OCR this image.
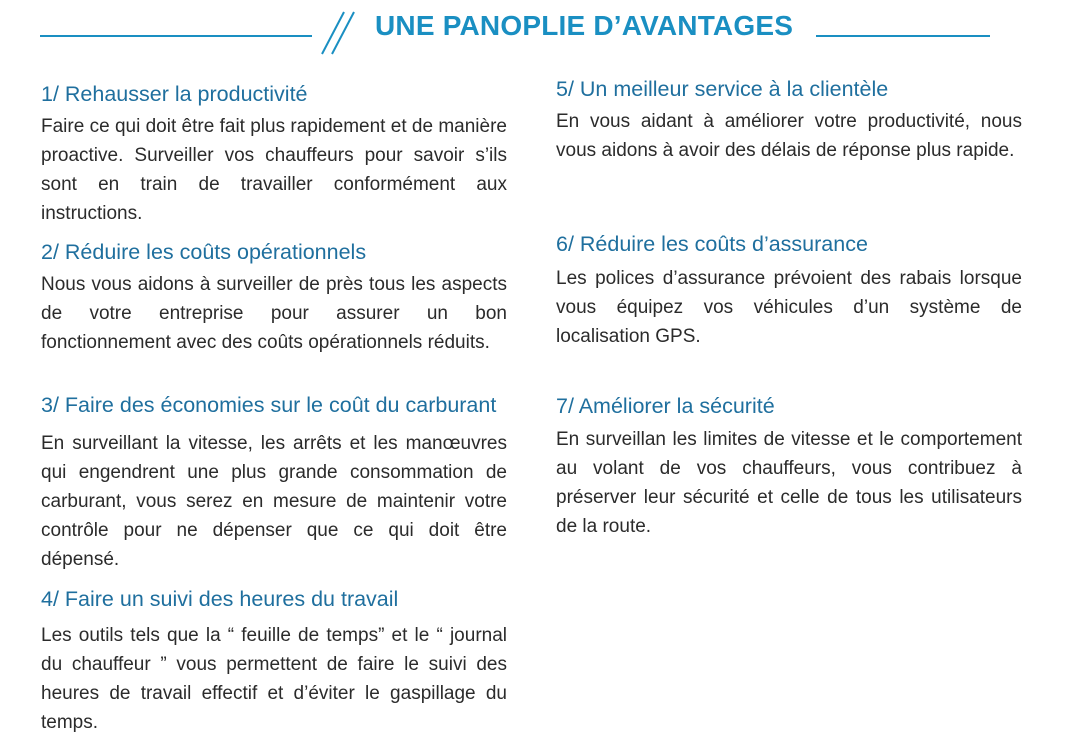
UNE PANOPLIE D’AVANTAGES
1/ Rehausser la productivité

Faire ce qui doit être fait plus rapidement et de manière proactive. Surveiller vos chauffeurs pour savoir s’ils sont en train de travailler conformément aux instructions.

2/ Réduire les coûts opérationnels

Nous vous aidons à surveiller de près tous les aspects de votre entreprise pour assurer un bon fonctionnement avec des coûts opérationnels réduits.

3/ Faire des économies sur le coût du carburant

En surveillant la vitesse, les arrêts et les manœuvres qui engendrent une plus grande consommation de carburant, vous serez en mesure de maintenir votre contrôle pour ne dépenser que ce qui doit être dépensé.

4/ Faire un suivi des heures du travail

Les outils tels que la “ feuille de temps” et le “ journal du chauffeur ” vous permettent de faire le suivi des heures de travail effectif et d’éviter le gaspillage du temps.

5/ Un meilleur service à la clientèle

En vous aidant à améliorer votre productivité, nous vous aidons à avoir des délais de réponse plus rapide.

6/ Réduire les coûts d’assurance

Les polices d’assurance prévoient des rabais lorsque vous équipez vos véhicules d’un système de localisation GPS.

7/ Améliorer la sécurité

En surveillan les limites de vitesse et le comportement au volant de vos chauffeurs, vous contribuez à préserver leur sécurité et celle de tous les utilisateurs de la route.
